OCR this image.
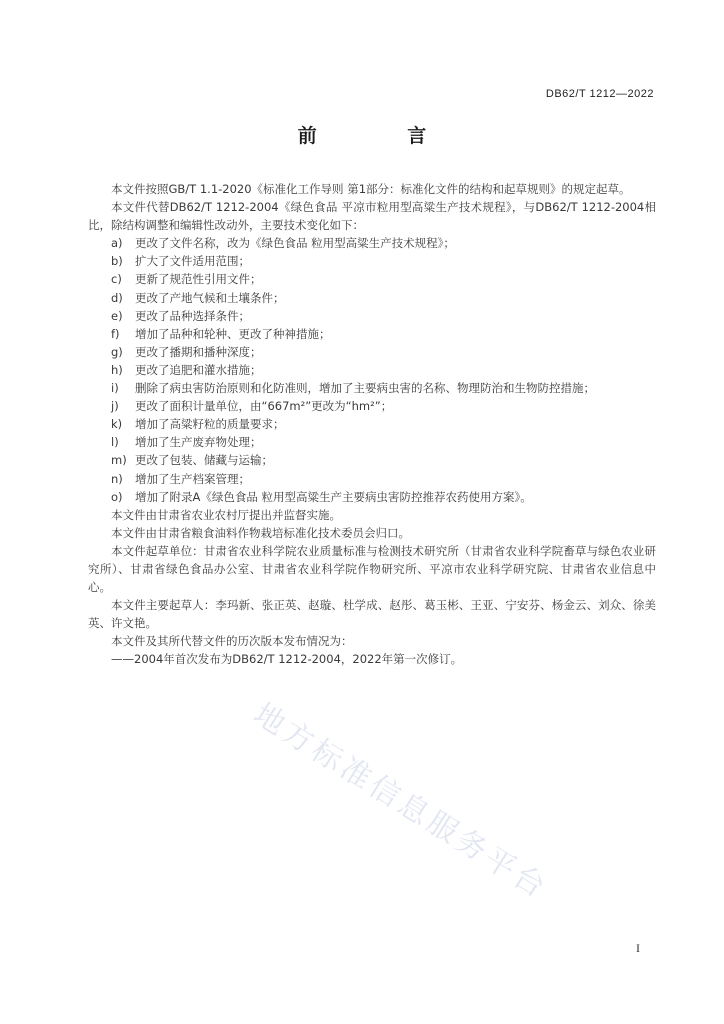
DB62/T 1212—2022
前 言

本文件按照GB/T 1.1-2020《标准化工作导则 第1部分：标准化文件的结构和起草规则》的规定起草。

本文件代替DB62/T 1212-2004《绿色食品 平凉市粒用型高粱生产技术规程》，与DB62/T 1212-2004相比，除结构调整和编辑性改动外，主要技术变化如下：

a)	更改了文件名称，改为《绿色食品 粒用型高粱生产技术规程》；
b)	扩大了文件适用范围；
c)	更新了规范性引用文件；
d)	更改了产地气候和土壤条件；
e)	更改了品种选择条件；
f)	增加了品种和轮种、更改了种神措施；
g)	更改了播期和播种深度；
h)	更改了追肥和灌水措施；
i)	删除了病虫害防治原则和化防准则，增加了主要病虫害的名称、物理防治和生物防控措施；
j)	更改了面积计量单位，由“667m²”更改为“hm²”；
k)	增加了高粱籽粒的质量要求；
l)	增加了生产废弃物处理；
m) 更改了包装、储藏与运输；
n)	增加了生产档案管理；
o)	增加了附录A《绿色食品 粒用型高粱生产主要病虫害防控推荐农药使用方案》。

本文件由甘肃省农业农村厅提出并监督实施。

本文件由甘肃省粮食油料作物栽培标准化技术委员会归口。

本文件起草单位：甘肃省农业科学院农业质量标准与检测技术研究所（甘肃省农业科学院畜草与绿色农业研究所）、甘肃省绿色食品办公室、甘肃省农业科学院作物研究所、平凉市农业科学研究院、甘肃省农业信息中心。

本文件主要起草人：李玛新、张正英、赵璇、杜学成、赵彤、葛玉彬、王亚、宁安芬、杨金云、刘众、徐美英、许文艳。

本文件及其所代替文件的历次版本发布情况为：

——2004年首次发布为DB62/T 1212-2004，2022年第一次修订。

地方标准信息服务平台
I
